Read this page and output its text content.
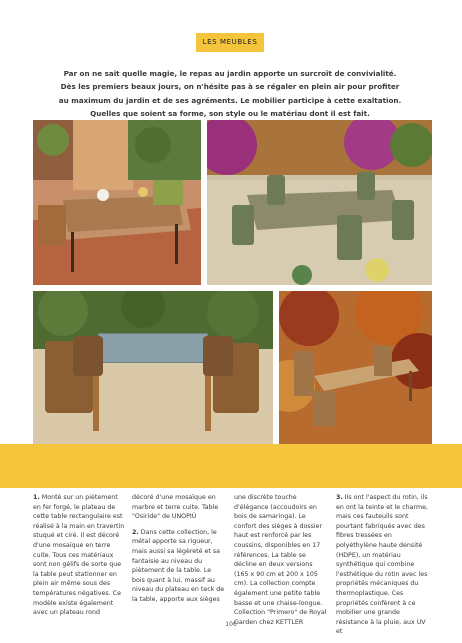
LES MEUBLES
Par on ne sait quelle magie, le repas au jardin apporte un surcroît de convivialité. Dès les premiers beaux jours, on n'hésite pas à se régaler en plein air pour profiter au maximum du jardin et de ses agréments. Le mobilier participe à cette exaltation. Quelles que soient sa forme, son style ou le matériau dont il est fait.

1. Monté sur un piètement en fer forgé, le plateau de cette table rectangulaire est réalisé à la main en travertin stuqué et ciré. Il est décoré d'une mosaïque en terre cuite. Tous ces matériaux sont non gélifs de sorte que la table peut stationner en plein air même sous des températures négatives. Ce modèle existe également avec un plateau rond

décoré d'une mosaïque en marbre et terre cuite. Table "Osiride" de UNOPIÙ

2. Dans cette collection, le métal apporte sa rigueur, mais aussi sa légèreté et sa fantaisie au niveau du piètement de la table. Le bois quant à lui, massif au niveau du plateau en teck de la table, apporte aux sièges

une discrète touche d'élégance (accoudoirs en bois de samaringa). Le confort des sièges à dossier haut est renforcé par les coussins, disponibles en 17 références. La table se décline en deux versions (165 x 90 cm et 200 x 105 cm). La collection compte également une petite table basse et une chaise-longue. Collection "Primero" de Royal Garden chez KETTLER

3. Ils ont l'aspect du rotin, ils en ont la teinte et le charme, mais ces fauteuils sont pourtant fabriqués avec des fibres tressées en polyéthylène haute densité (HDPE), un matériau synthétique qui combine l'esthétique du rotin avec les propriétés mécaniques du thermoplastique. Ces propriétés confèrent à ce mobilier une grande résistance à la pluie, aux UV et

106
